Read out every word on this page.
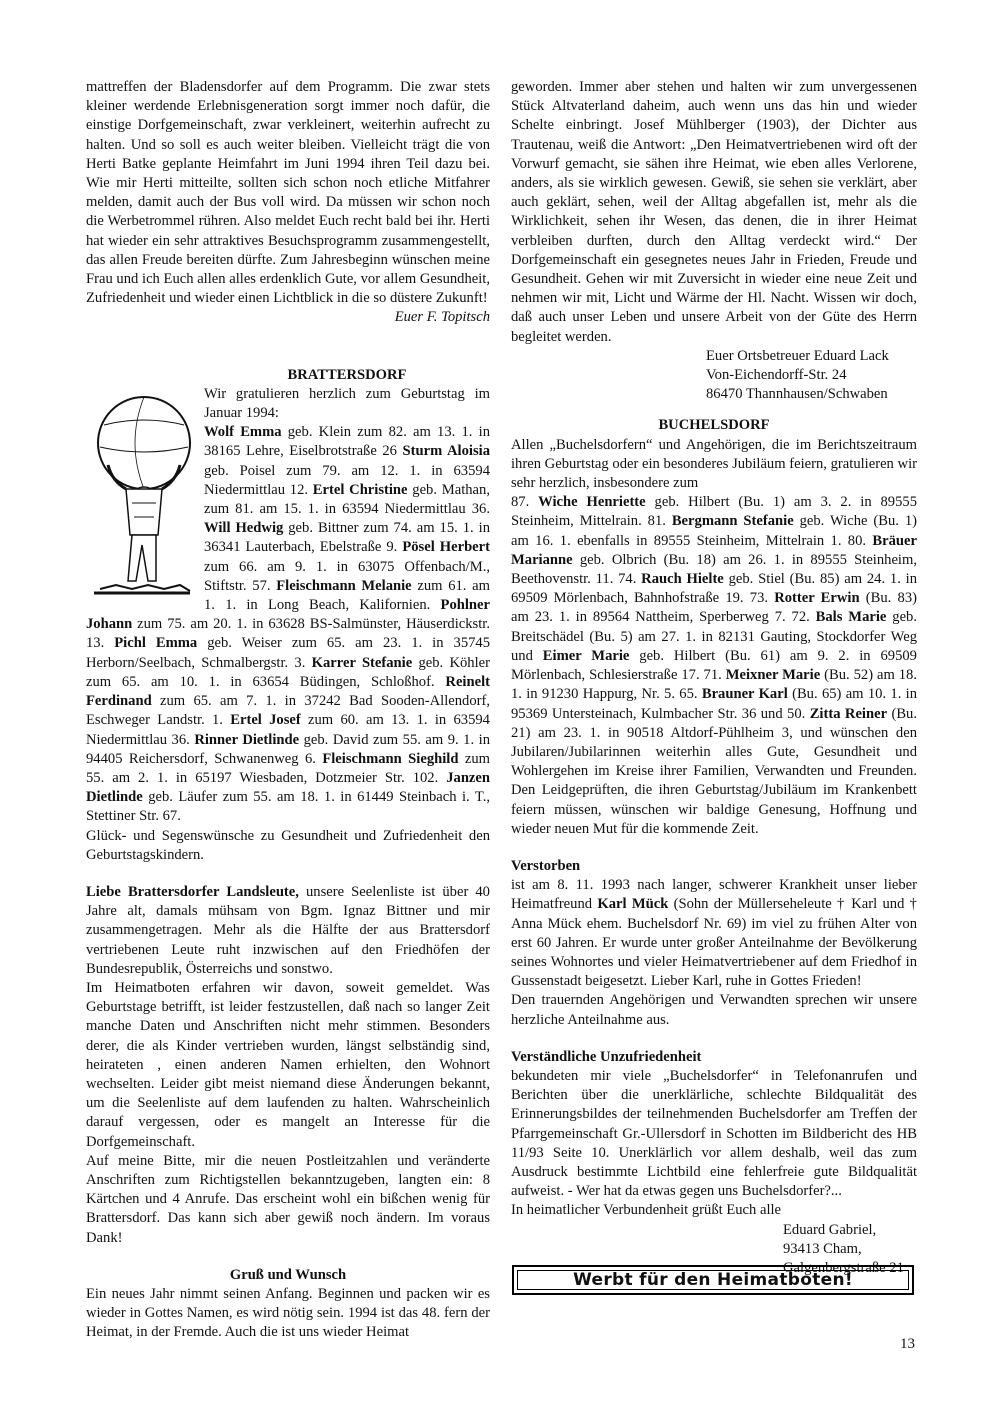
mattreffen der Bladensdorfer auf dem Programm. Die zwar stets kleiner werdende Erlebnisgeneration sorgt immer noch dafür, die einstige Dorfgemeinschaft, zwar verkleinert, weiterhin aufrecht zu halten. Und so soll es auch weiter bleiben. Vielleicht trägt die von Herti Batke geplante Heimfahrt im Juni 1994 ihren Teil dazu bei. Wie mir Herti mitteilte, sollten sich schon noch etliche Mitfahrer melden, damit auch der Bus voll wird. Da müssen wir schon noch die Werbetrommel rühren. Also meldet Euch recht bald bei ihr. Herti hat wieder ein sehr attraktives Besuchsprogramm zusammengestellt, das allen Freude bereiten dürfte. Zum Jahresbeginn wünschen meine Frau und ich Euch allen alles erdenklich Gute, vor allem Gesundheit, Zufriedenheit und wieder einen Lichtblick in die so düstere Zukunft!

Euer F. Topitsch

BRATTERSDORF

Wir gratulieren herzlich zum Geburtstag im Januar 1994:

Wolf Emma geb. Klein zum 82. am 13. 1. in 38165 Lehre, Eiselbrotstraße 26 Sturm Aloisia geb. Poisel zum 79. am 12. 1. in 63594 Niedermittlau 12. Ertel Christine geb. Mathan, zum 81. am 15. 1. in 63594 Niedermittlau 36. Will Hedwig geb. Bittner zum 74. am 15. 1. in 36341 Lauterbach, Ebelstraße 9. Pösel Herbert zum 66. am 9. 1. in 63075 Offenbach/M., Stiftstr. 57. Fleischmann Melanie zum 61. am 1. 1. in Long Beach, Kalifornien. Pohlner Johann zum 75. am 20. 1. in 63628 BS-Salmünster, Häuserdickstr. 13. Pichl Emma geb. Weiser zum 65. am 23. 1. in 35745 Herborn/Seelbach, Schmalbergstr. 3. Karrer Stefanie geb. Köhler zum 65. am 10. 1. in 63654 Büdingen, Schloßhof. Reinelt Ferdinand zum 65. am 7. 1. in 37242 Bad Sooden-Allendorf, Eschweger Landstr. 1. Ertel Josef zum 60. am 13. 1. in 63594 Niedermittlau 36. Rinner Dietlinde geb. David zum 55. am 9. 1. in 94405 Reichersdorf, Schwanenweg 6. Fleischmann Sieghild zum 55. am 2. 1. in 65197 Wiesbaden, Dotzmeier Str. 102. Janzen Dietlinde geb. Läufer zum 55. am 18. 1. in 61449 Steinbach i. T., Stettiner Str. 67.

Glück- und Segenswünsche zu Gesundheit und Zufriedenheit den Geburtstagskindern.

Liebe Brattersdorfer Landsleute, unsere Seelenliste ist über 40 Jahre alt, damals mühsam von Bgm. Ignaz Bittner und mir zusammengetragen. Mehr als die Hälfte der aus Brattersdorf vertriebenen Leute ruht inzwischen auf den Friedhöfen der Bundesrepublik, Österreichs und sonstwo.

Im Heimatboten erfahren wir davon, soweit gemeldet. Was Geburtstage betrifft, ist leider festzustellen, daß nach so langer Zeit manche Daten und Anschriften nicht mehr stimmen. Besonders derer, die als Kinder vertrieben wurden, längst selbständig sind, heirateten , einen anderen Namen erhielten, den Wohnort wechselten. Leider gibt meist niemand diese Änderungen bekannt, um die Seelenliste auf dem laufenden zu halten. Wahrscheinlich darauf vergessen, oder es mangelt an Interesse für die Dorfgemeinschaft.

Auf meine Bitte, mir die neuen Postleitzahlen und veränderte Anschriften zum Richtigstellen bekanntzugeben, langten ein: 8 Kärtchen und 4 Anrufe. Das erscheint wohl ein bißchen wenig für Brattersdorf. Das kann sich aber gewiß noch ändern. Im voraus Dank!

Gruß und Wunsch

Ein neues Jahr nimmt seinen Anfang. Beginnen und packen wir es wieder in Gottes Namen, es wird nötig sein. 1994 ist das 48. fern der Heimat, in der Fremde. Auch die ist uns wieder Heimat

geworden. Immer aber stehen und halten wir zum unvergessenen Stück Altvaterland daheim, auch wenn uns das hin und wieder Schelte einbringt. Josef Mühlberger (1903), der Dichter aus Trautenau, weiß die Antwort: „Den Heimatvertriebenen wird oft der Vorwurf gemacht, sie sähen ihre Heimat, wie eben alles Verlorene, anders, als sie wirklich gewesen. Gewiß, sie sehen sie verklärt, aber auch geklärt, sehen, weil der Alltag abgefallen ist, mehr als die Wirklichkeit, sehen ihr Wesen, das denen, die in ihrer Heimat verbleiben durften, durch den Alltag verdeckt wird.“ Der Dorfgemeinschaft ein gesegnetes neues Jahr in Frieden, Freude und Gesundheit. Gehen wir mit Zuversicht in wieder eine neue Zeit und nehmen wir mit, Licht und Wärme der Hl. Nacht. Wissen wir doch, daß auch unser Leben und unsere Arbeit von der Güte des Herrn begleitet werden.

Euer Ortsbetreuer Eduard Lack

Von-Eichendorff-Str. 24

86470 Thannhausen/Schwaben

BUCHELSDORF

Allen „Buchelsdorfern“ und Angehörigen, die im Berichtszeitraum ihren Geburtstag oder ein besonderes Jubiläum feiern, gratulieren wir sehr herzlich, insbesondere zum

87. Wiche Henriette geb. Hilbert (Bu. 1) am 3. 2. in 89555 Steinheim, Mittelrain. 81. Bergmann Stefanie geb. Wiche (Bu. 1) am 16. 1. ebenfalls in 89555 Steinheim, Mittelrain 1. 80. Bräuer Marianne geb. Olbrich (Bu. 18) am 26. 1. in 89555 Steinheim, Beethovenstr. 11. 74. Rauch Hielte geb. Stiel (Bu. 85) am 24. 1. in 69509 Mörlenbach, Bahnhofstraße 19. 73. Rotter Erwin (Bu. 83) am 23. 1. in 89564 Nattheim, Sperberweg 7. 72. Bals Marie geb. Breitschädel (Bu. 5) am 27. 1. in 82131 Gauting, Stockdorfer Weg und Eimer Marie geb. Hilbert (Bu. 61) am 9. 2. in 69509 Mörlenbach, Schlesierstraße 17. 71. Meixner Marie (Bu. 52) am 18. 1. in 91230 Happurg, Nr. 5. 65. Brauner Karl (Bu. 65) am 10. 1. in 95369 Untersteinach, Kulmbacher Str. 36 und 50. Zitta Reiner (Bu. 21) am 23. 1. in 90518 Altdorf-Pühlheim 3, und wünschen den Jubilaren/Jubilarinnen weiterhin alles Gute, Gesundheit und Wohlergehen im Kreise ihrer Familien, Verwandten und Freunden. Den Leidgeprüften, die ihren Geburtstag/Jubiläum im Krankenbett feiern müssen, wünschen wir baldige Genesung, Hoffnung und wieder neuen Mut für die kommende Zeit.

Verstorben

ist am 8. 11. 1993 nach langer, schwerer Krankheit unser lieber Heimatfreund Karl Mück (Sohn der Müllerseheleute † Karl und † Anna Mück ehem. Buchelsdorf Nr. 69) im viel zu frühen Alter von erst 60 Jahren. Er wurde unter großer Anteilnahme der Bevölkerung seines Wohnortes und vieler Heimatvertriebener auf dem Friedhof in Gussenstadt beigesetzt. Lieber Karl, ruhe in Gottes Frieden!

Den trauernden Angehörigen und Verwandten sprechen wir unsere herzliche Anteilnahme aus.

Verständliche Unzufriedenheit

bekundeten mir viele „Buchelsdorfer“ in Telefonanrufen und Berichten über die unerklärliche, schlechte Bildqualität des Erinnerungsbildes der teilnehmenden Buchelsdorfer am Treffen der Pfarrgemeinschaft Gr.-Ullersdorf in Schotten im Bildbericht des HB 11/93 Seite 10. Unerklärlich vor allem deshalb, weil das zum Ausdruck bestimmte Lichtbild eine fehlerfreie gute Bildqualität aufweist. - Wer hat da etwas gegen uns Buchelsdorfer?...

In heimatlicher Verbundenheit grüßt Euch alle

Eduard Gabriel,

93413 Cham,

Galgenbergstraße 21

Werbt für den Heimatboten!
13
